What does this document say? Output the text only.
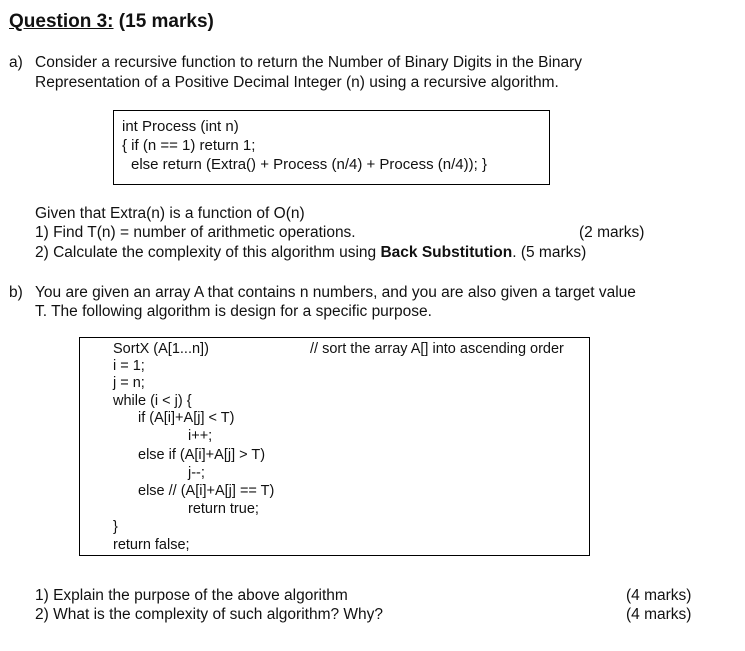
Question 3: (15 marks)
a) Consider a recursive function to return the Number of Binary Digits in the Binary
Representation of a Positive Decimal Integer (n) using a recursive algorithm.
int Process (int n)
{ if (n == 1) return 1;
else return (Extra() + Process (n/4) + Process (n/4)); }
Given that Extra(n) is a function of O(n)
1) Find T(n) = number of arithmetic operations.	(2 marks)
2) Calculate the complexity of this algorithm using Back Substitution. (5 marks)
b) You are given an array A that contains n numbers, and you are also given a target value
T. The following algorithm is design for a specific purpose.
SortX (A[1...n])	// sort the array A[] into ascending order
i = 1;
j = n;
while (i < j) {
if (A[i]+A[j] < T)
i++;
else if (A[i]+A[j] > T)
j--;
else // (A[i]+A[j] == T)
return true;
}
return false;
1) Explain the purpose of the above algorithm	(4 marks)
2) What is the complexity of such algorithm? Why?	(4 marks)
